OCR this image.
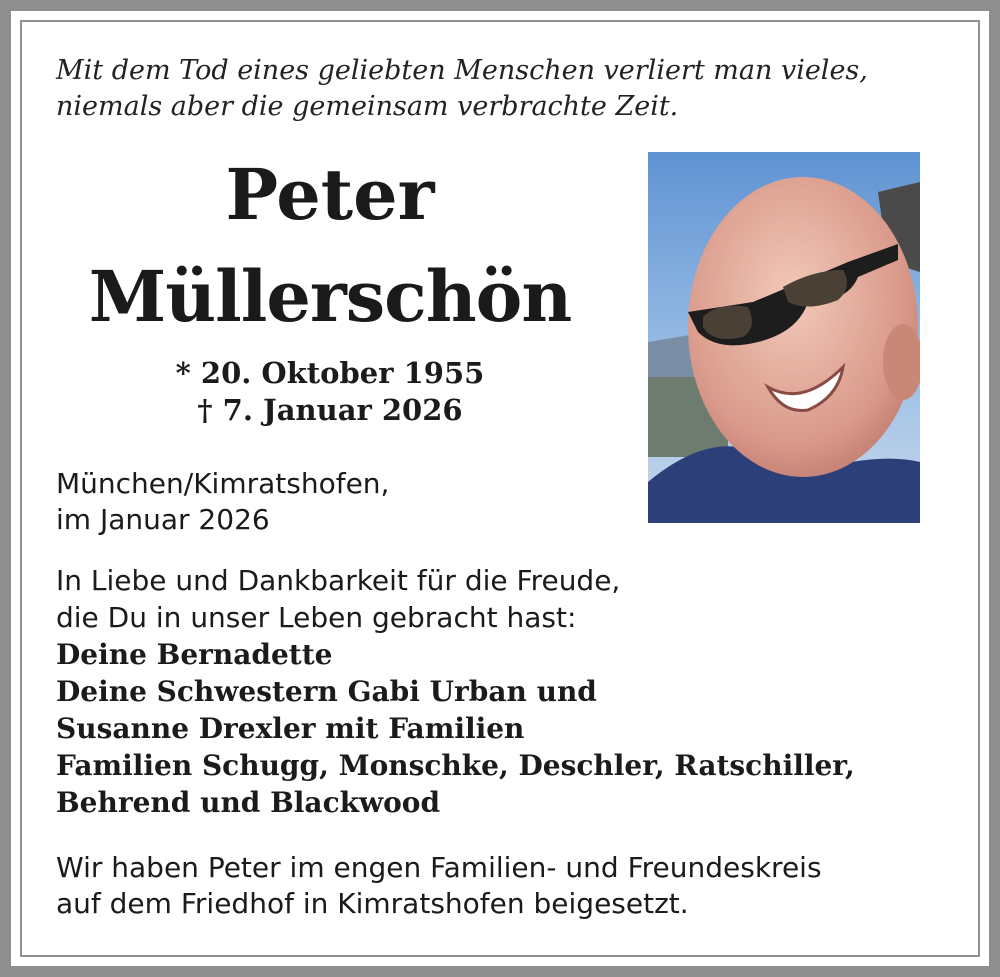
Mit dem Tod eines geliebten Menschen verliert man vieles,
niemals aber die gemeinsam verbrachte Zeit.
Peter
Müllerschön
* 20. Oktober 1955
† 7. Januar 2026
München/Kimratshofen,
im Januar 2026
In Liebe und Dankbarkeit für die Freude,
die Du in unser Leben gebracht hast:
Deine Bernadette
Deine Schwestern Gabi Urban und
Susanne Drexler mit Familien
Familien Schugg, Monschke, Deschler, Ratschiller,
Behrend und Blackwood
Wir haben Peter im engen Familien- und Freundeskreis
auf dem Friedhof in Kimratshofen beigesetzt.
